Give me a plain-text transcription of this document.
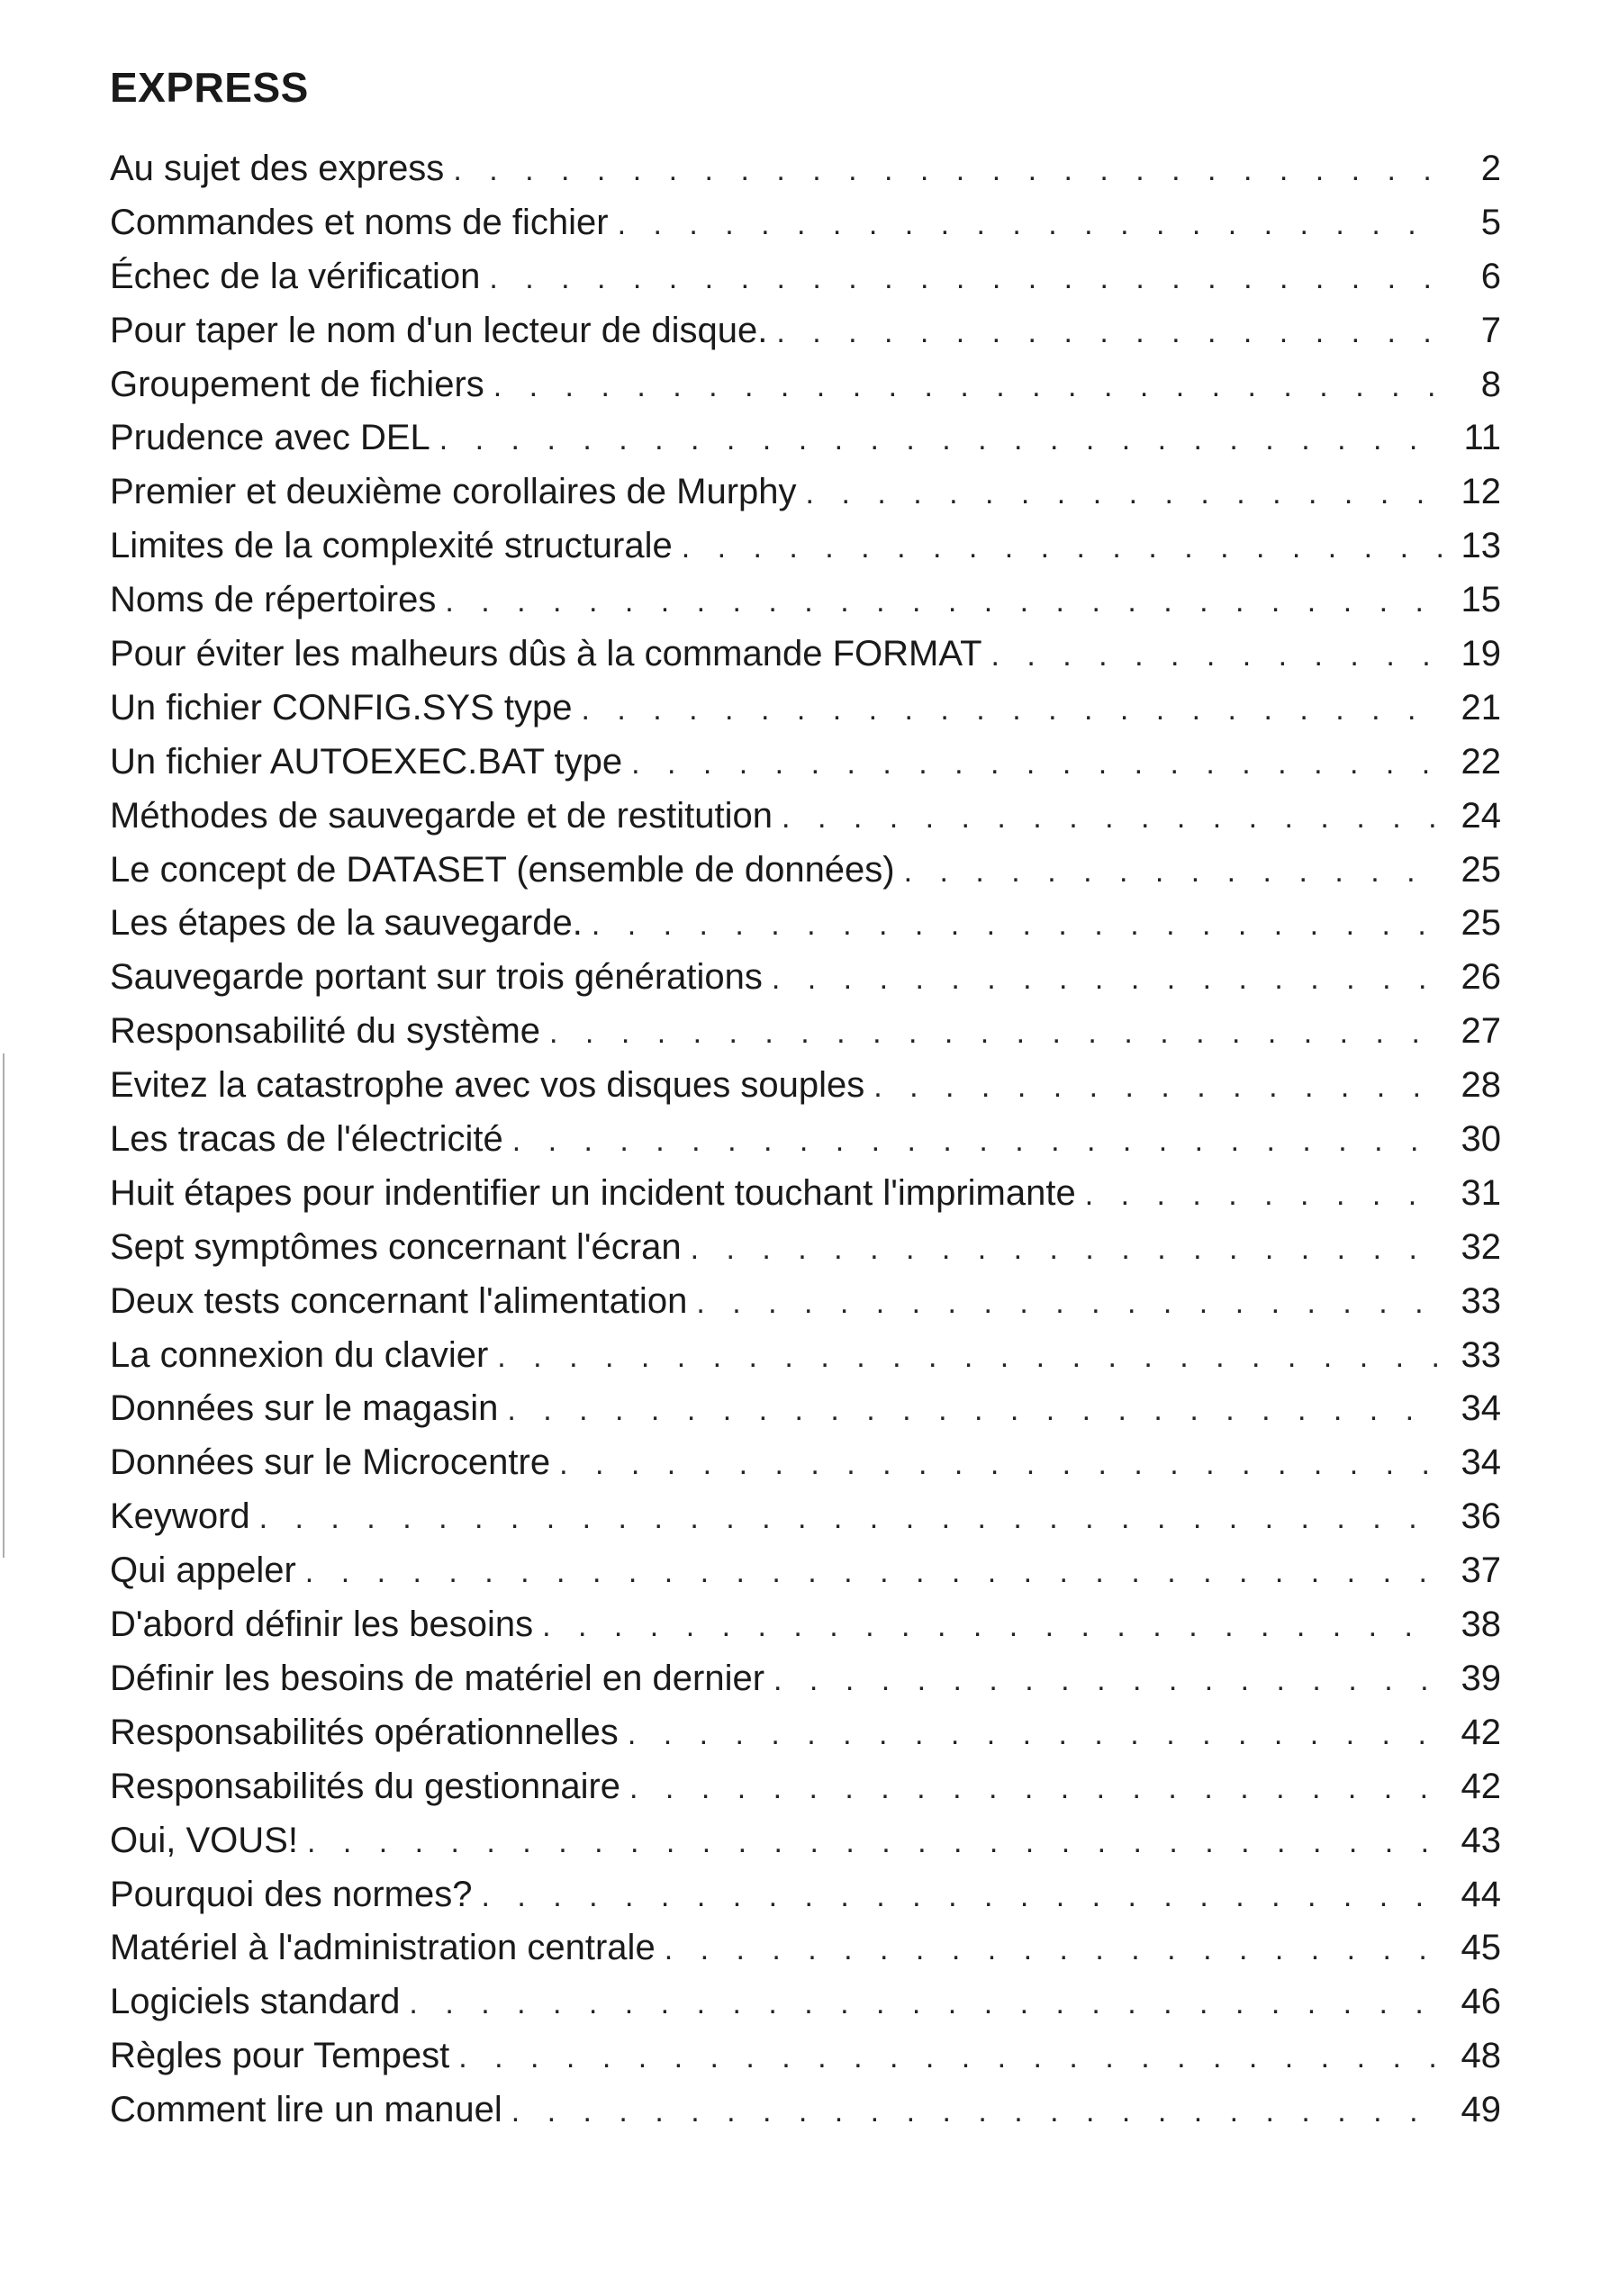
EXPRESS
Au sujet des express . . .	2
Commandes et noms de fichier . . .	5
Échec de la vérification . . .	6
Pour taper le nom d'un lecteur de disque. . . .	7
Groupement de fichiers . . .	8
Prudence avec DEL . . .	11
Premier et deuxième corollaires de Murphy . . .	12
Limites de la complexité structurale . . .	13
Noms de répertoires . . .	15
Pour éviter les malheurs dûs à la commande FORMAT . . .	19
Un fichier CONFIG.SYS type . . .	21
Un fichier AUTOEXEC.BAT type . . .	22
Méthodes de sauvegarde et de restitution . . .	24
Le concept de DATASET (ensemble de données) . . .	25
Les étapes de la sauvegarde. . . .	25
Sauvegarde portant sur trois générations . . .	26
Responsabilité du système . . .	27
Evitez la catastrophe avec vos disques souples . . .	28
Les tracas de l'électricité . . .	30
Huit étapes pour indentifier un incident touchant l'imprimante . . .	31
Sept symptômes concernant l'écran . . .	32
Deux tests concernant l'alimentation . . .	33
La connexion du clavier . . .	33
Données sur le magasin . . .	34
Données sur le Microcentre . . .	34
Keyword . . .	36
Qui appeler . . .	37
D'abord définir les besoins . . .	38
Définir les besoins de matériel en dernier . . .	39
Responsabilités opérationnelles . . .	42
Responsabilités du gestionnaire . . .	42
Oui, VOUS! . . .	43
Pourquoi des normes? . . .	44
Matériel à l'administration centrale . . .	45
Logiciels standard . . .	46
Règles pour Tempest . . .	48
Comment lire un manuel . . .	49
